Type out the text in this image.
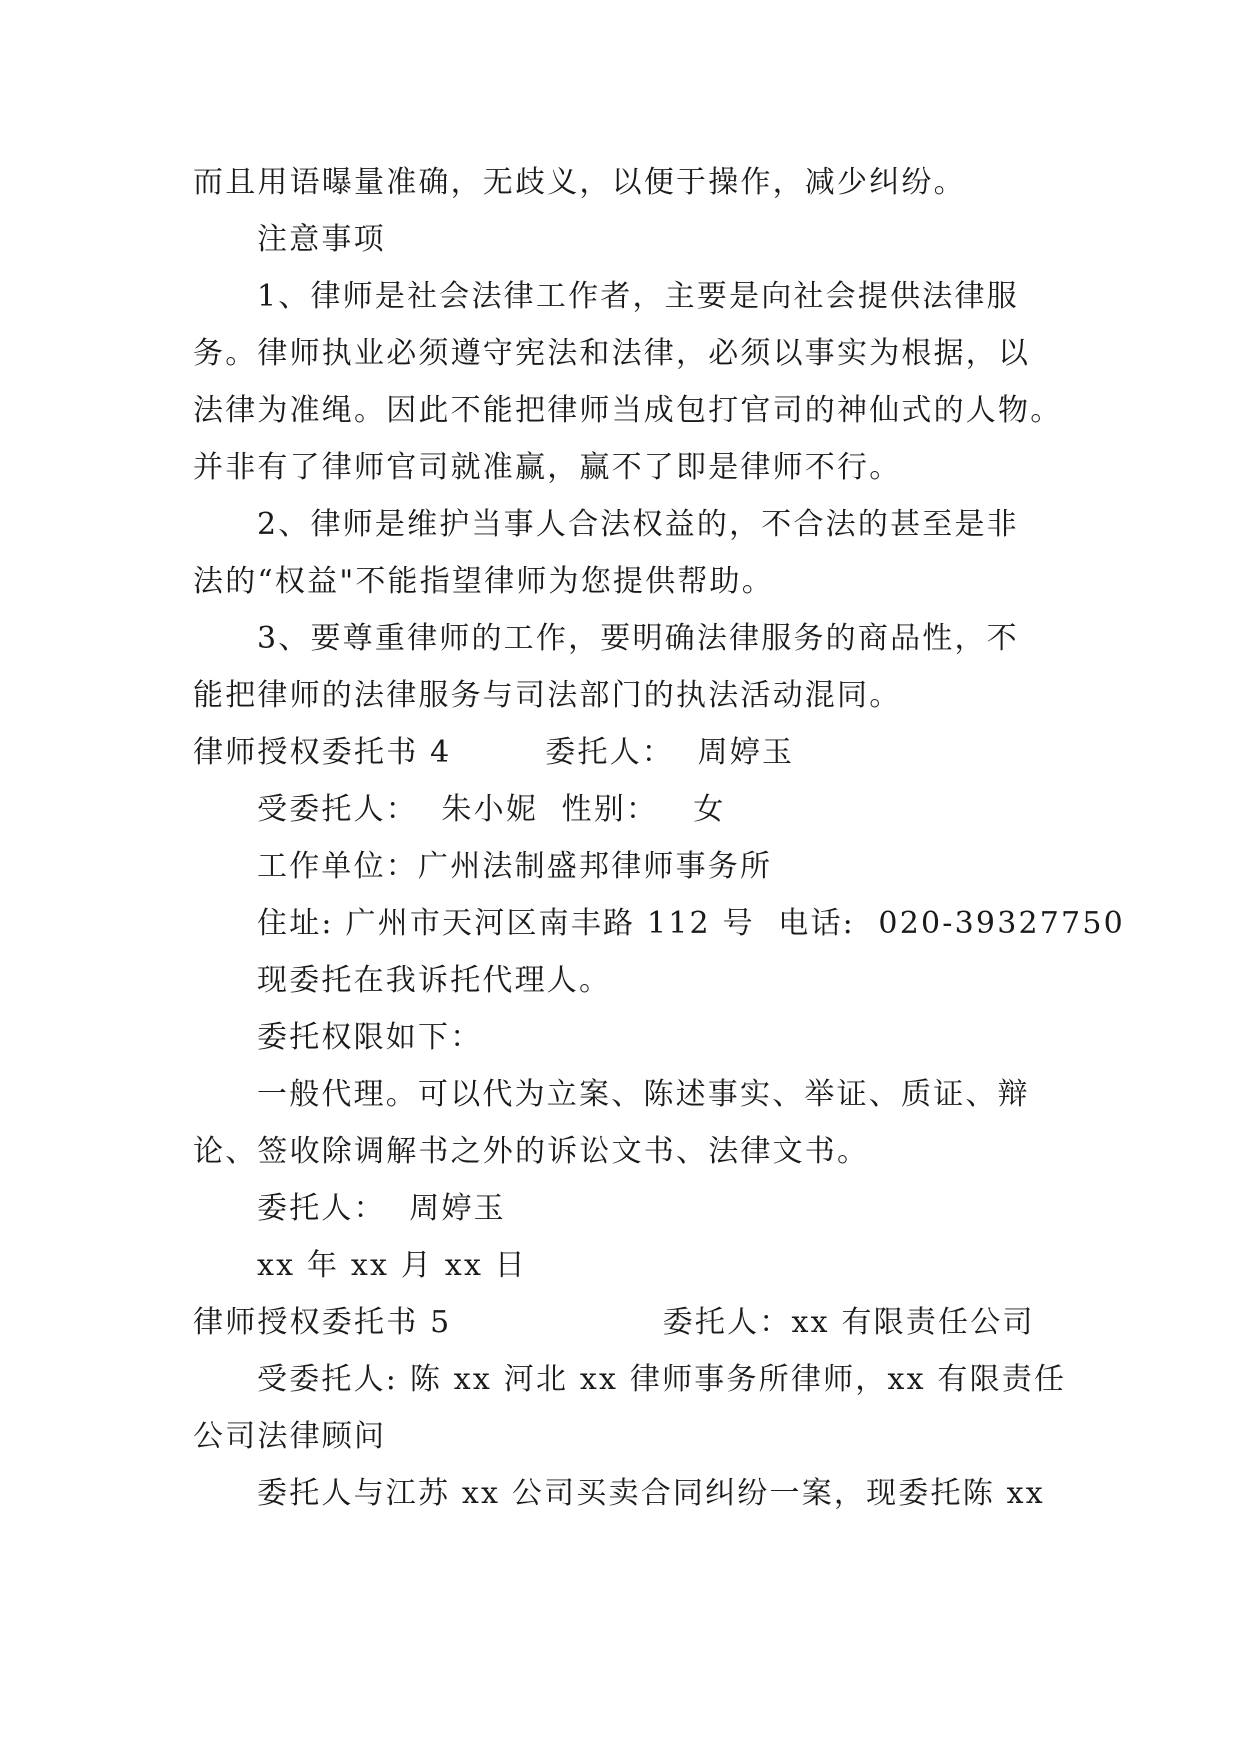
而且用语曝量准确，无歧义，以便于操作，减少纠纷。
注意事项
1、律师是社会法律工作者，主要是向社会提供法律服
务。律师执业必须遵守宪法和法律，必须以事实为根据，以
法律为准绳。因此不能把律师当成包打官司的神仙式的人物。
并非有了律师官司就准赢，赢不了即是律师不行。
2、律师是维护当事人合法权益的，不合法的甚至是非
法的“权益"不能指望律师为您提供帮助。
3、要尊重律师的工作，要明确法律服务的商品性，不
能把律师的法律服务与司法部门的执法活动混同。
律师授权委托书 4        委托人：  周婷玉
受委托人：  朱小妮  性别：   女
工作单位：广州法制盛邦律师事务所
住址: 广州市天河区南丰路 112 号  电话:  020-39327750
现委托在我诉托代理人。
委托权限如下：
一般代理。可以代为立案、陈述事实、举证、质证、辩
论、签收除调解书之外的诉讼文书、法律文书。
委托人：  周婷玉
xx 年 xx 月 xx 日
律师授权委托书 5                  委托人：xx 有限责任公司
受委托人: 陈 xx 河北 xx 律师事务所律师，xx 有限责任
公司法律顾问
委托人与江苏 xx 公司买卖合同纠纷一案，现委托陈 xx
